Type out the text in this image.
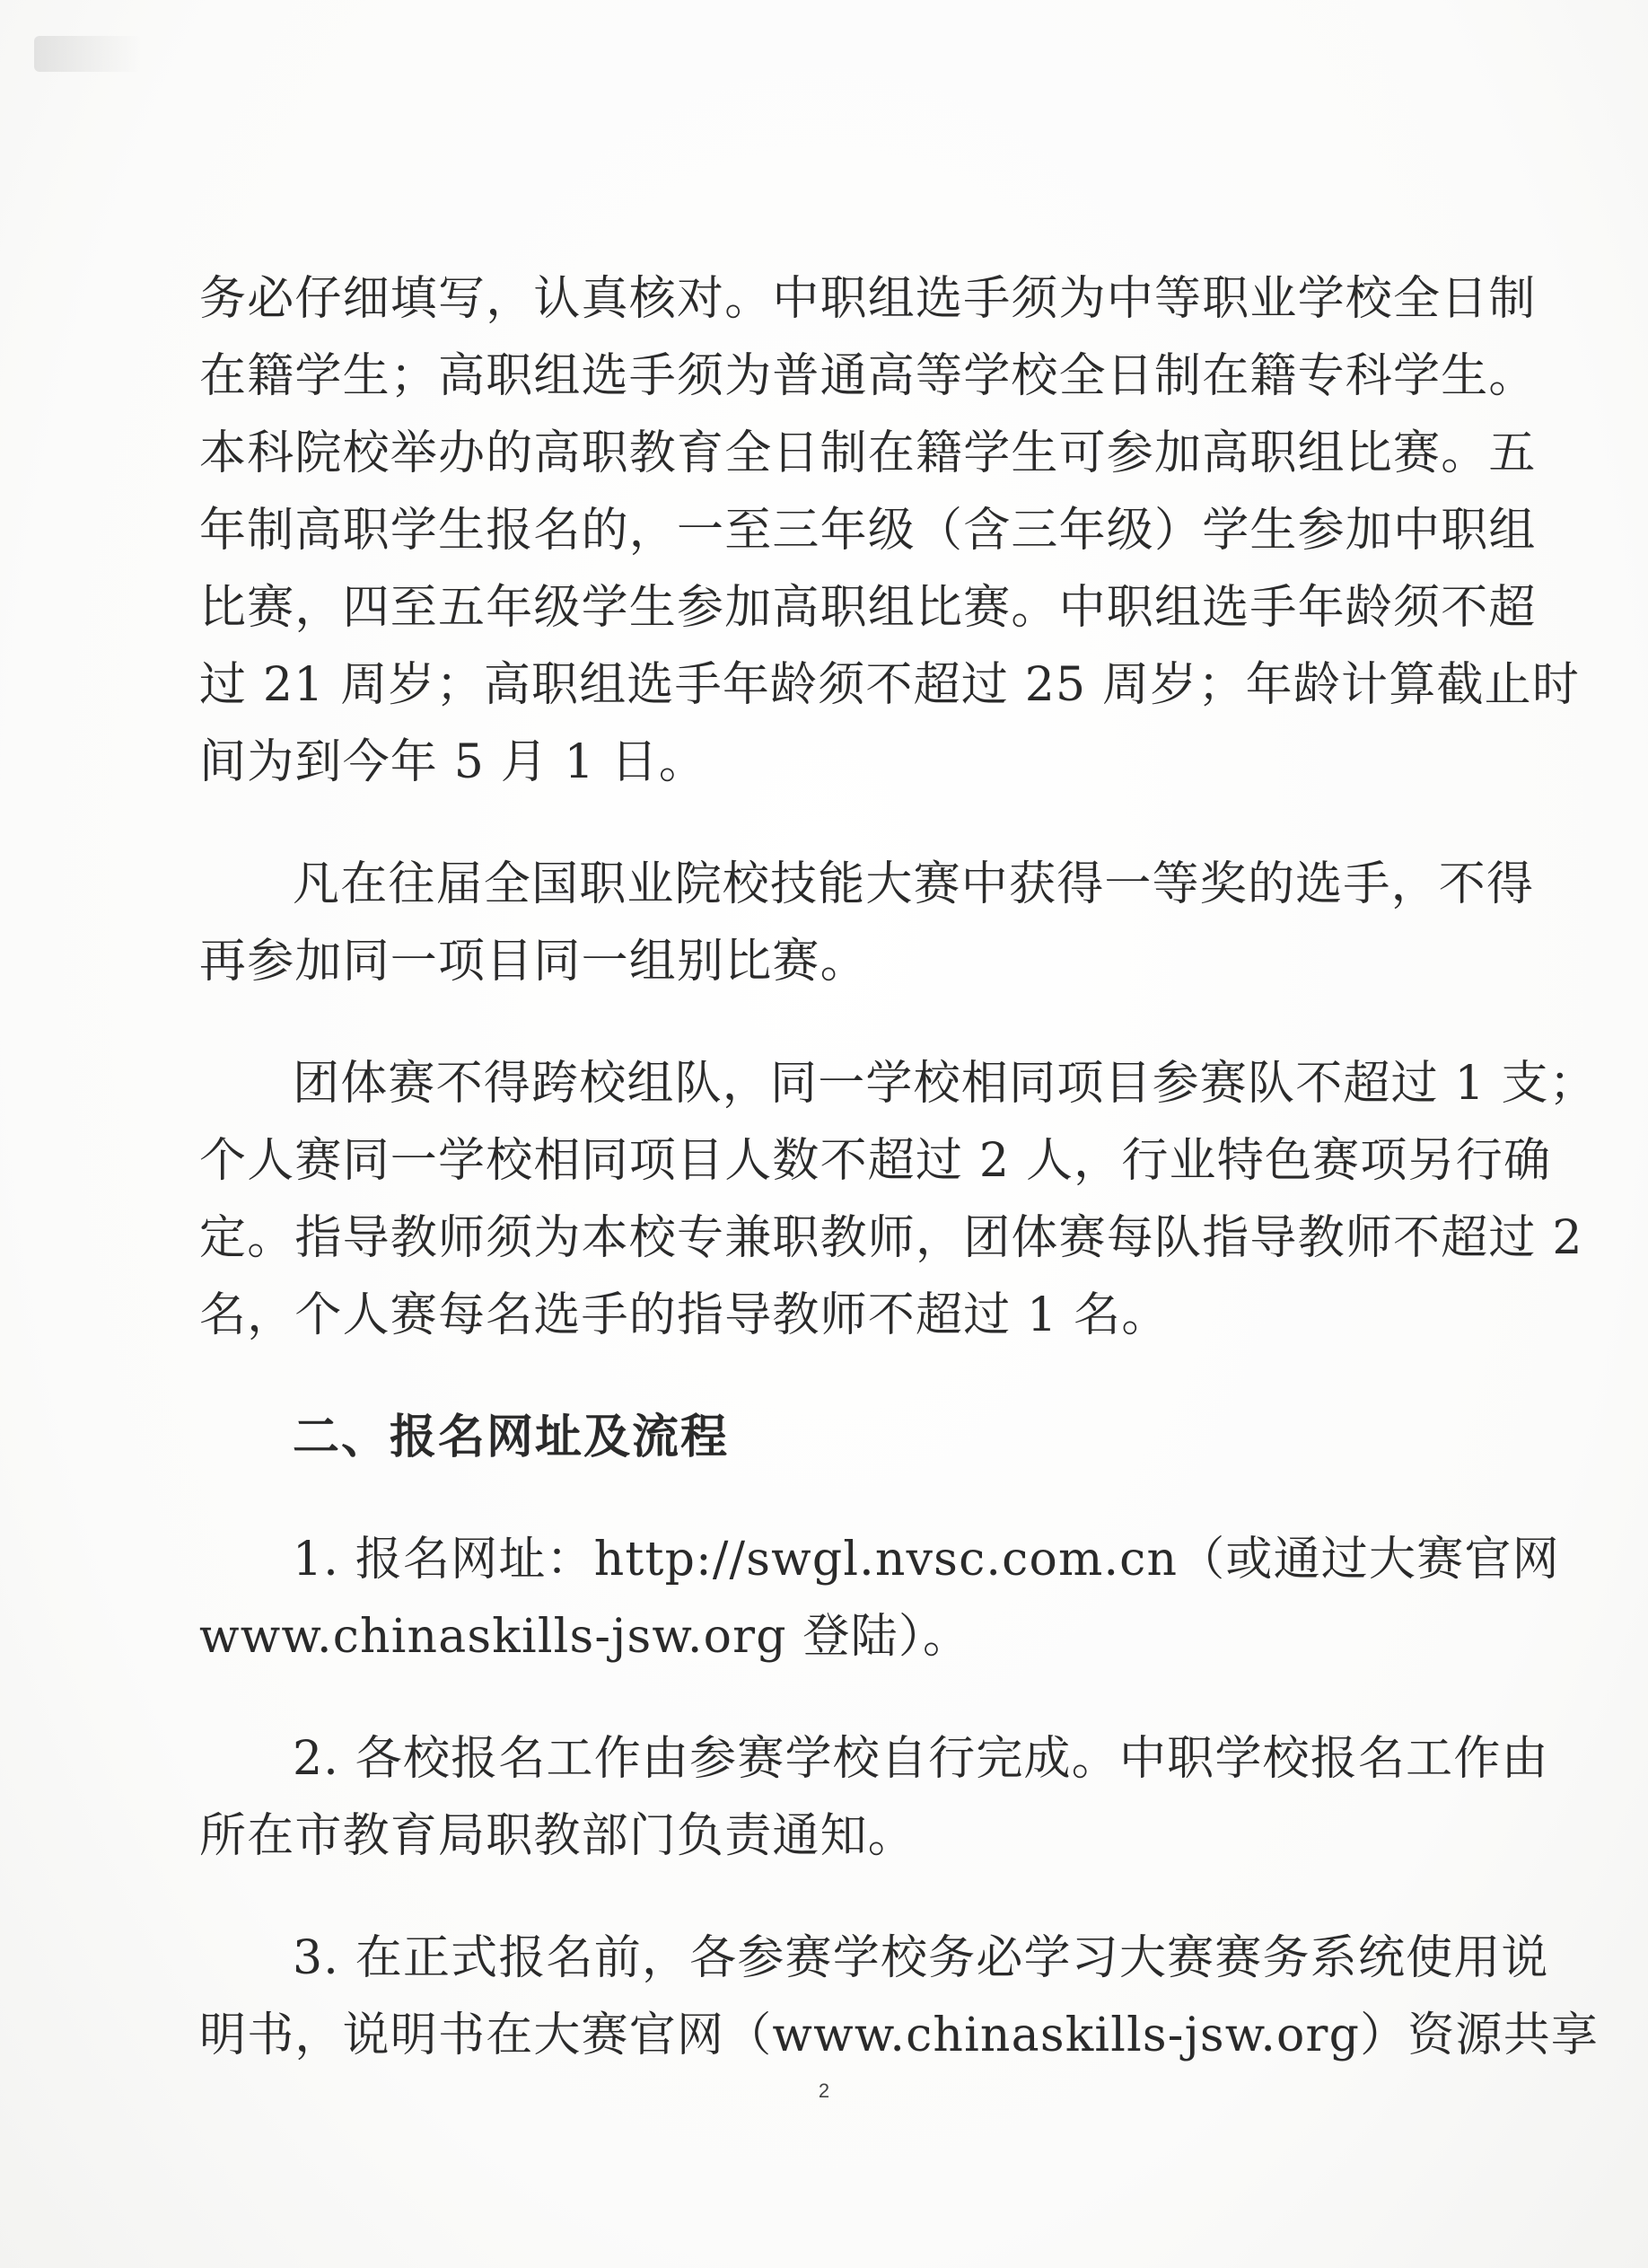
务必仔细填写，认真核对。中职组选手须为中等职业学校全日制
在籍学生；高职组选手须为普通高等学校全日制在籍专科学生。
本科院校举办的高职教育全日制在籍学生可参加高职组比赛。五
年制高职学生报名的，一至三年级（含三年级）学生参加中职组
比赛，四至五年级学生参加高职组比赛。中职组选手年龄须不超
过 21 周岁；高职组选手年龄须不超过 25 周岁；年龄计算截止时
间为到今年 5 月 1 日。
凡在往届全国职业院校技能大赛中获得一等奖的选手，不得
再参加同一项目同一组别比赛。
团体赛不得跨校组队，同一学校相同项目参赛队不超过 1 支；
个人赛同一学校相同项目人数不超过 2 人，行业特色赛项另行确
定。指导教师须为本校专兼职教师，团体赛每队指导教师不超过 2
名，个人赛每名选手的指导教师不超过 1 名。
二、报名网址及流程
1. 报名网址：http://swgl.nvsc.com.cn（或通过大赛官网
www.chinaskills-jsw.org 登陆）。
2. 各校报名工作由参赛学校自行完成。中职学校报名工作由
所在市教育局职教部门负责通知。
3. 在正式报名前，各参赛学校务必学习大赛赛务系统使用说
明书，说明书在大赛官网（www.chinaskills-jsw.org）资源共享
2
